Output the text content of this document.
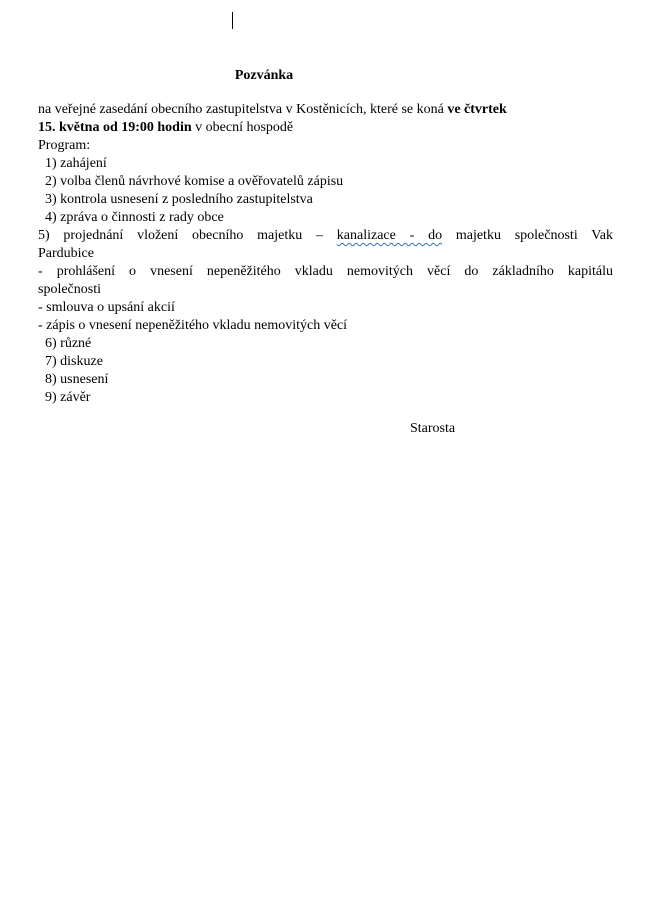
Pozvánka
na veřejné zasedání obecního zastupitelstva v Kostěnicích, které se koná ve čtvrtek
15. května od 19:00 hodin v obecní hospodě
Program:
1) zahájení
2) volba členů návrhové komise a ověřovatelů zápisu
3) kontrola usnesení z posledního zastupitelstva
4) zpráva o činnosti z rady obce
5) projednání vložení obecního majetku – kanalizace - do majetku společnosti Vak
Pardubice
- prohlášení o vnesení nepeněžitého vkladu nemovitých věcí do základního kapitálu
společnosti
- smlouva o upsání akcií
- zápis o vnesení nepeněžitého vkladu nemovitých věcí
6) různé
7) diskuze
8) usnesení
9) závěr
Starosta
